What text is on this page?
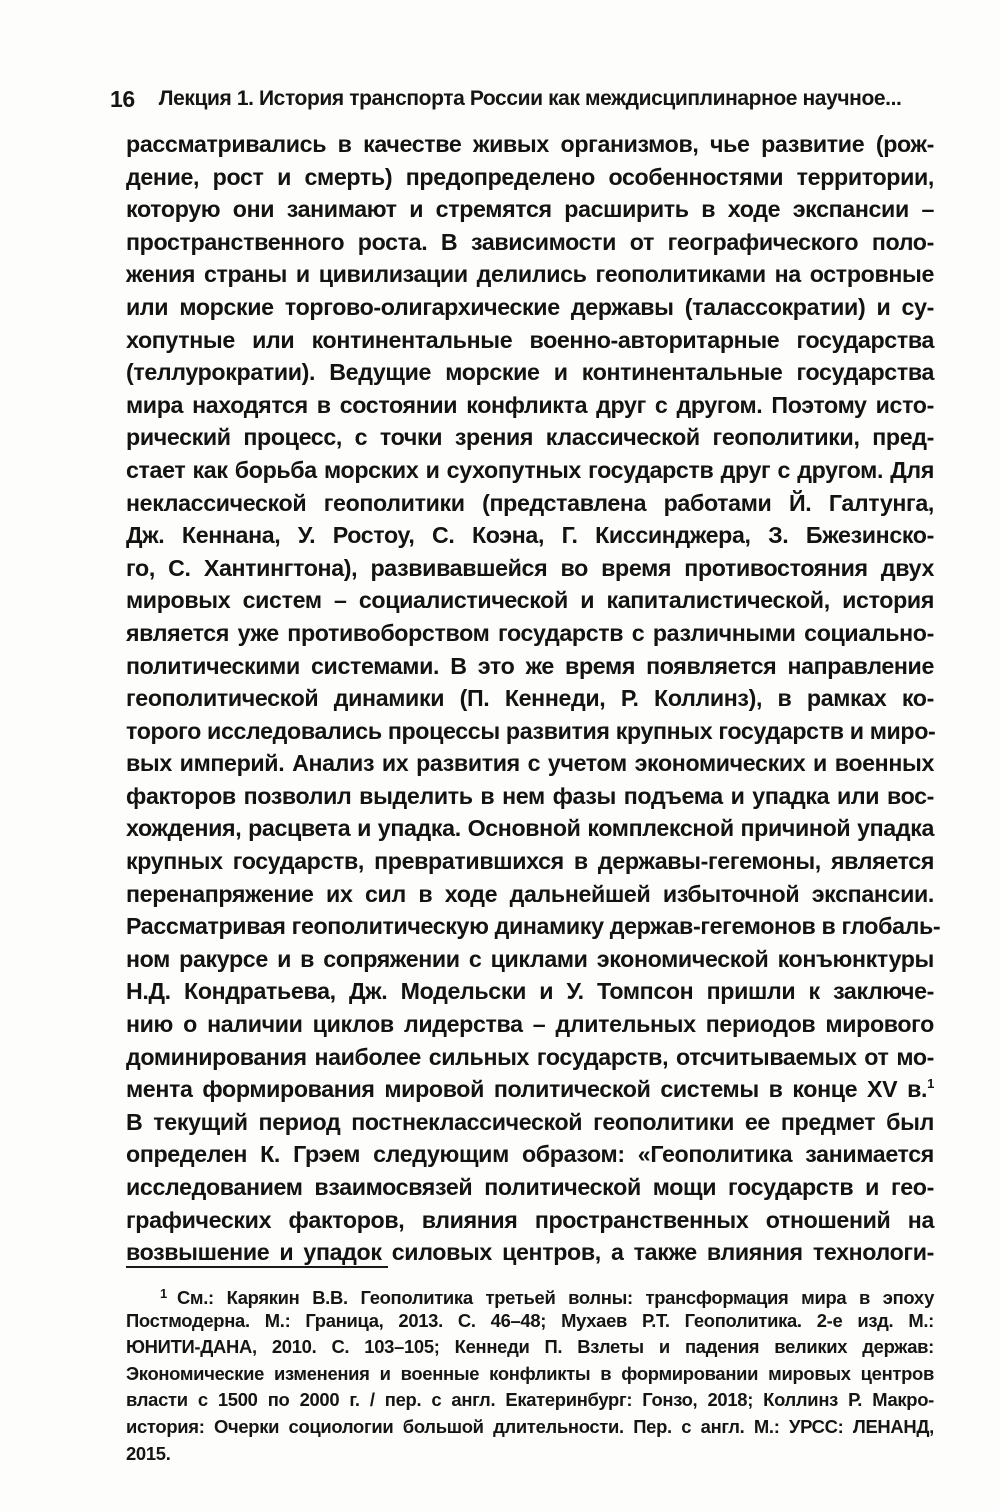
16 Лекция 1. История транспорта России как междисциплинарное научное...
рассматривались в качестве живых организмов, чье развитие (рож-
дение, рост и смерть) предопределено особенностями территории,
которую они занимают и стремятся расширить в ходе экспансии –
пространственного роста. В зависимости от географического поло-
жения страны и цивилизации делились геополитиками на островные
или морские торгово-олигархические державы (талассократии) и су-
хопутные или континентальные военно-авторитарные государства
(теллурократии). Ведущие морские и континентальные государства
мира находятся в состоянии конфликта друг с другом. Поэтому исто-
рический процесс, с точки зрения классической геополитики, пред-
стает как борьба морских и сухопутных государств друг с другом. Для
неклассической геополитики (представлена работами Й. Галтунга,
Дж. Кеннана, У. Ростоу, С. Коэна, Г. Киссинджера, З. Бжезинско-
го, С. Хантингтона), развивавшейся во время противостояния двух
мировых систем – социалистической и капиталистической, история
является уже противоборством государств с различными социально-
политическими системами. В это же время появляется направление
геополитической динамики (П. Кеннеди, Р. Коллинз), в рамках ко-
торого исследовались процессы развития крупных государств и миро-
вых империй. Анализ их развития с учетом экономических и военных
факторов позволил выделить в нем фазы подъема и упадка или вос-
хождения, расцвета и упадка. Основной комплексной причиной упадка
крупных государств, превратившихся в державы-гегемоны, является
перенапряжение их сил в ходе дальнейшей избыточной экспансии.
Рассматривая геополитическую динамику держав-гегемонов в глобаль-
ном ракурсе и в сопряжении с циклами экономической конъюнктуры
Н.Д. Кондратьева, Дж. Модельски и У. Томпсон пришли к заключе-
нию о наличии циклов лидерства – длительных периодов мирового
доминирования наиболее сильных государств, отсчитываемых от мо-
мента формирования мировой политической системы в конце XV в.$^1$
В текущий период постнеклассической геополитики ее предмет был
определен К. Грэем следующим образом: «Геополитика занимается
исследованием взаимосвязей политической мощи государств и гео-
графических факторов, влияния пространственных отношений на
возвышение и упадок силовых центров, а также влияния технологи-
$^1$ См.: Карякин В.В. Геополитика третьей волны: трансформация мира в эпоху
Постмодерна. М.: Граница, 2013. С. 46–48; Мухаев Р.Т. Геополитика. 2-е изд. М.:
ЮНИТИ-ДАНА, 2010. С. 103–105; Кеннеди П. Взлеты и падения великих держав:
Экономические изменения и военные конфликты в формировании мировых центров
власти с 1500 по 2000 г. / пер. с англ. Екатеринбург: Гонзо, 2018; Коллинз Р. Макро-
история: Очерки социологии большой длительности. Пер. с англ. М.: УРСС: ЛЕНАНД,
2015.
